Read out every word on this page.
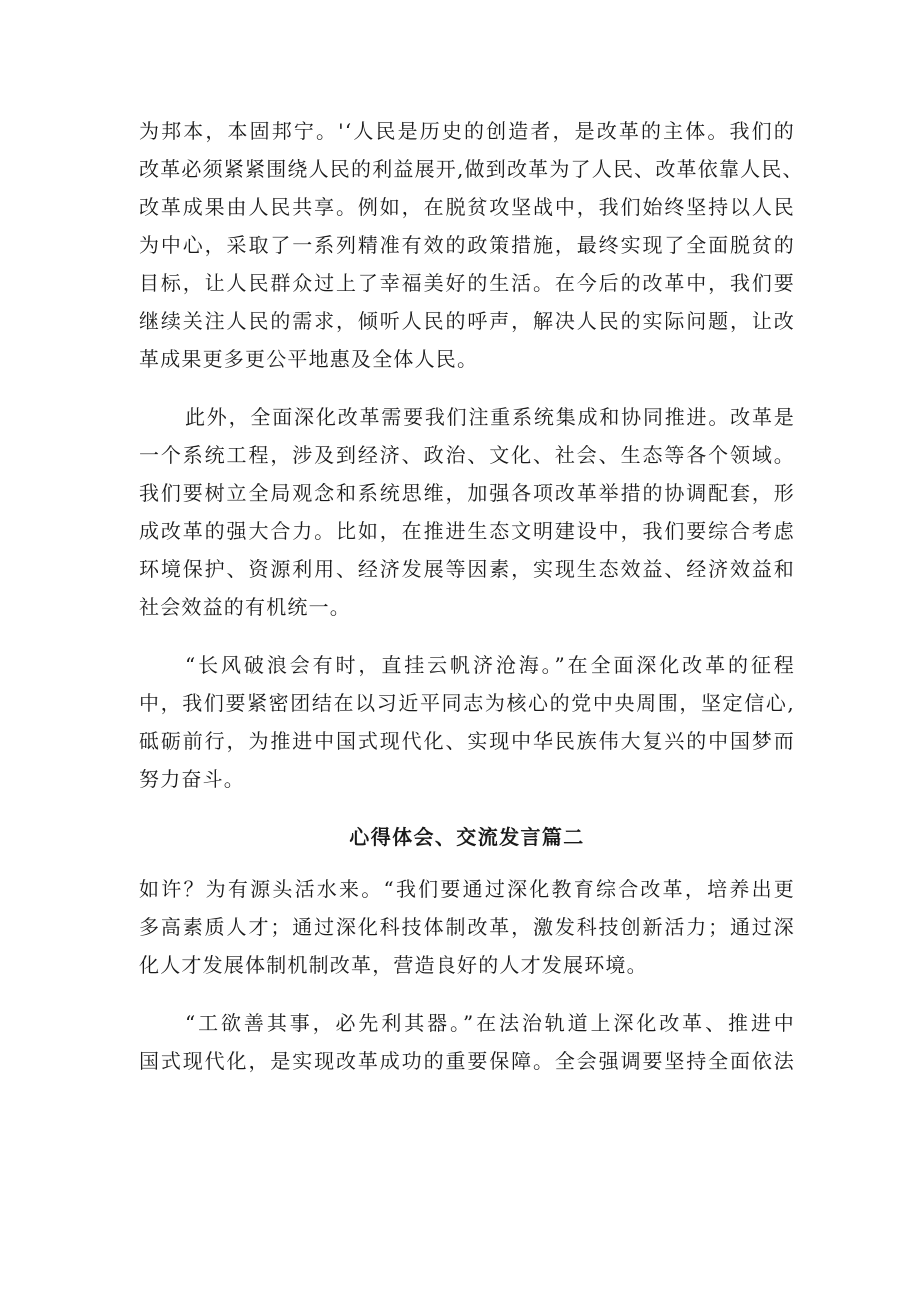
为邦本，本固邦宁。'‘人民是历史的创造者，是改革的主体。我们的
改革必须紧紧围绕人民的利益展开,做到改革为了人民、改革依靠人民、
改革成果由人民共享。例如，在脱贫攻坚战中，我们始终坚持以人民
为中心，采取了一系列精准有效的政策措施，最终实现了全面脱贫的
目标，让人民群众过上了幸福美好的生活。在今后的改革中，我们要
继续关注人民的需求，倾听人民的呼声，解决人民的实际问题，让改
革成果更多更公平地惠及全体人民。
此外，全面深化改革需要我们注重系统集成和协同推进。改革是
一个系统工程，涉及到经济、政治、文化、社会、生态等各个领域。
我们要树立全局观念和系统思维，加强各项改革举措的协调配套，形
成改革的强大合力。比如，在推进生态文明建设中，我们要综合考虑
环境保护、资源利用、经济发展等因素，实现生态效益、经济效益和
社会效益的有机统一。
“长风破浪会有时，直挂云帆济沧海。”在全面深化改革的征程
中，我们要紧密团结在以习近平同志为核心的党中央周围，坚定信心,
砥砺前行，为推进中国式现代化、实现中华民族伟大复兴的中国梦而
努力奋斗。
心得体会、交流发言篇二
如许？为有源头活水来。“我们要通过深化教育综合改革，培养出更
多高素质人才；通过深化科技体制改革，激发科技创新活力；通过深
化人才发展体制机制改革，营造良好的人才发展环境。
“工欲善其事，必先利其器。”在法治轨道上深化改革、推进中
国式现代化，是实现改革成功的重要保障。全会强调要坚持全面依法
